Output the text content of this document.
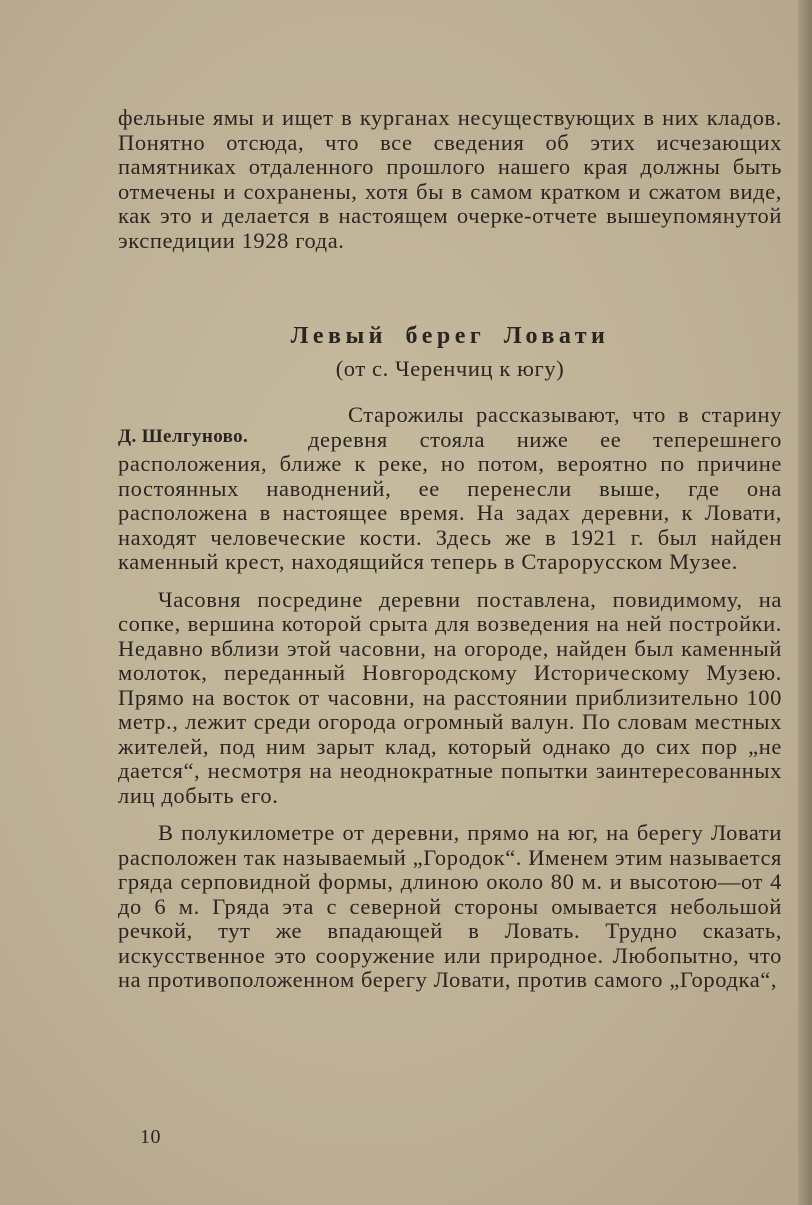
фельные ямы и ищет в курганах несуществующих в них кладов. Понятно отсюда, что все сведения об этих исчезающих памятниках отдаленного прошлого нашего края должны быть отмечены и сохранены, хотя бы в самом кратком и сжатом виде, как это и делается в настоящем очерке-отчете вышеупомянутой экспедиции 1928 года.

Левый берег Ловати
(от с. Черенчиц к югу)
Д. Шелгуново.

Старожилы рассказывают, что в старину деревня стояла ниже ее теперешнего расположения, ближе к реке, но потом, вероятно по причине постоянных наводнений, ее перенесли выше, где она расположена в настоящее время. На задах деревни, к Ловати, находят человеческие кости. Здесь же в 1921 г. был найден каменный крест, находящийся теперь в Старорусском Музее.

Часовня посредине деревни поставлена, повидимому, на сопке, вершина которой срыта для возведения на ней постройки. Недавно вблизи этой часовни, на огороде, найден был каменный молоток, переданный Новгородскому Историческому Музею. Прямо на восток от часовни, на расстоянии приблизительно 100 метр., лежит среди огорода огромный валун. По словам местных жителей, под ним зарыт клад, который однако до сих пор „не дается“, несмотря на неоднократные попытки заинтересованных лиц добыть его.

В полукилометре от деревни, прямо на юг, на берегу Ловати расположен так называемый „Городок“. Именем этим называется гряда серповидной формы, длиною около 80 м. и высотою—от 4 до 6 м. Гряда эта с северной стороны омывается небольшой речкой, тут же впадающей в Ловать. Трудно сказать, искусственное это сооружение или природное. Любопытно, что на противоположенном берегу Ловати, против самого „Городка“,

10
